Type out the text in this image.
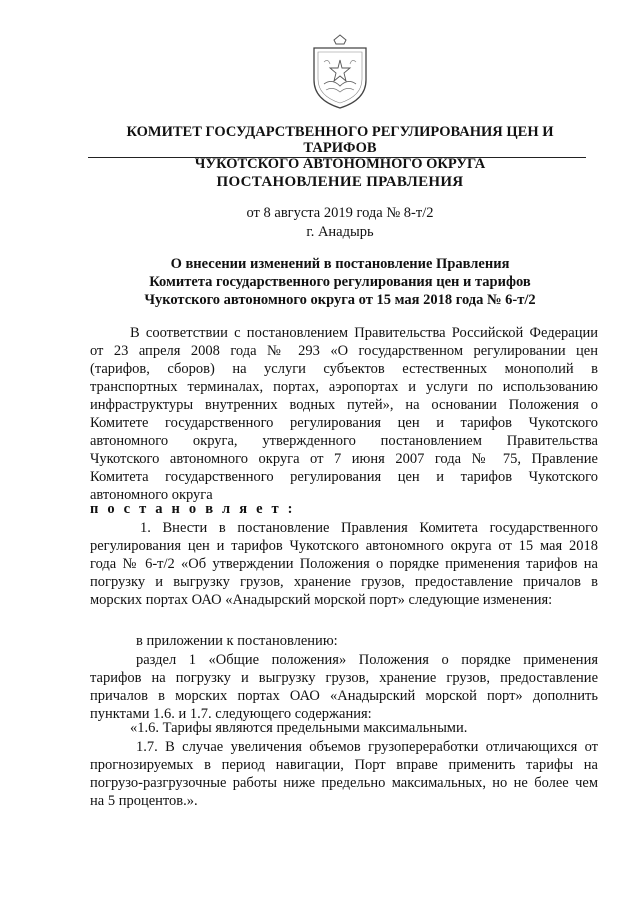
КОМИТЕТ ГОСУДАРСТВЕННОГО РЕГУЛИРОВАНИЯ ЦЕН И ТАРИФОВ
ЧУКОТСКОГО АВТОНОМНОГО ОКРУГА
ПОСТАНОВЛЕНИЕ ПРАВЛЕНИЯ
от 8 августа 2019 года № 8-т/2
г. Анадырь
О внесении изменений в постановление Правления
Комитета государственного регулирования цен и тарифов
Чукотского автономного округа от 15 мая 2018 года № 6-т/2
В соответствии с постановлением Правительства Российской Федерации
от 23 апреля 2008 года № 293 «О государственном регулировании цен
(тарифов, сборов) на услуги субъектов естественных монополий в
транспортных терминалах, портах, аэропортах и услуги по использованию
инфраструктуры внутренних водных путей», на основании Положения о
Комитете государственного регулирования цен и тарифов Чукотского
автономного округа, утвержденного постановлением Правительства
Чукотского автономного округа от 7 июня 2007 года № 75, Правление
Комитета государственного регулирования цен и тарифов Чукотского
автономного округа
п о с т а н о в л я е т :
1. Внести в постановление Правления Комитета государственного
регулирования цен и тарифов Чукотского автономного округа от 15 мая 2018
года № 6-т/2 «Об утверждении Положения о порядке применения тарифов на
погрузку и выгрузку грузов, хранение грузов, предоставление причалов в
морских портах ОАО «Анадырский морской порт» следующие изменения:
в приложении к постановлению:
раздел 1 «Общие положения» Положения о порядке применения
тарифов на погрузку и выгрузку грузов, хранение грузов, предоставление
причалов в морских портах ОАО «Анадырский морской порт» дополнить
пунктами 1.6. и 1.7. следующего содержания:
«1.6. Тарифы являются предельными максимальными.
1.7. В случае увеличения объемов грузопереработки отличающихся от
прогнозируемых в период навигации, Порт вправе применить тарифы на
погрузо-разгрузочные работы ниже предельно максимальных, но не более чем
на 5 процентов.».
